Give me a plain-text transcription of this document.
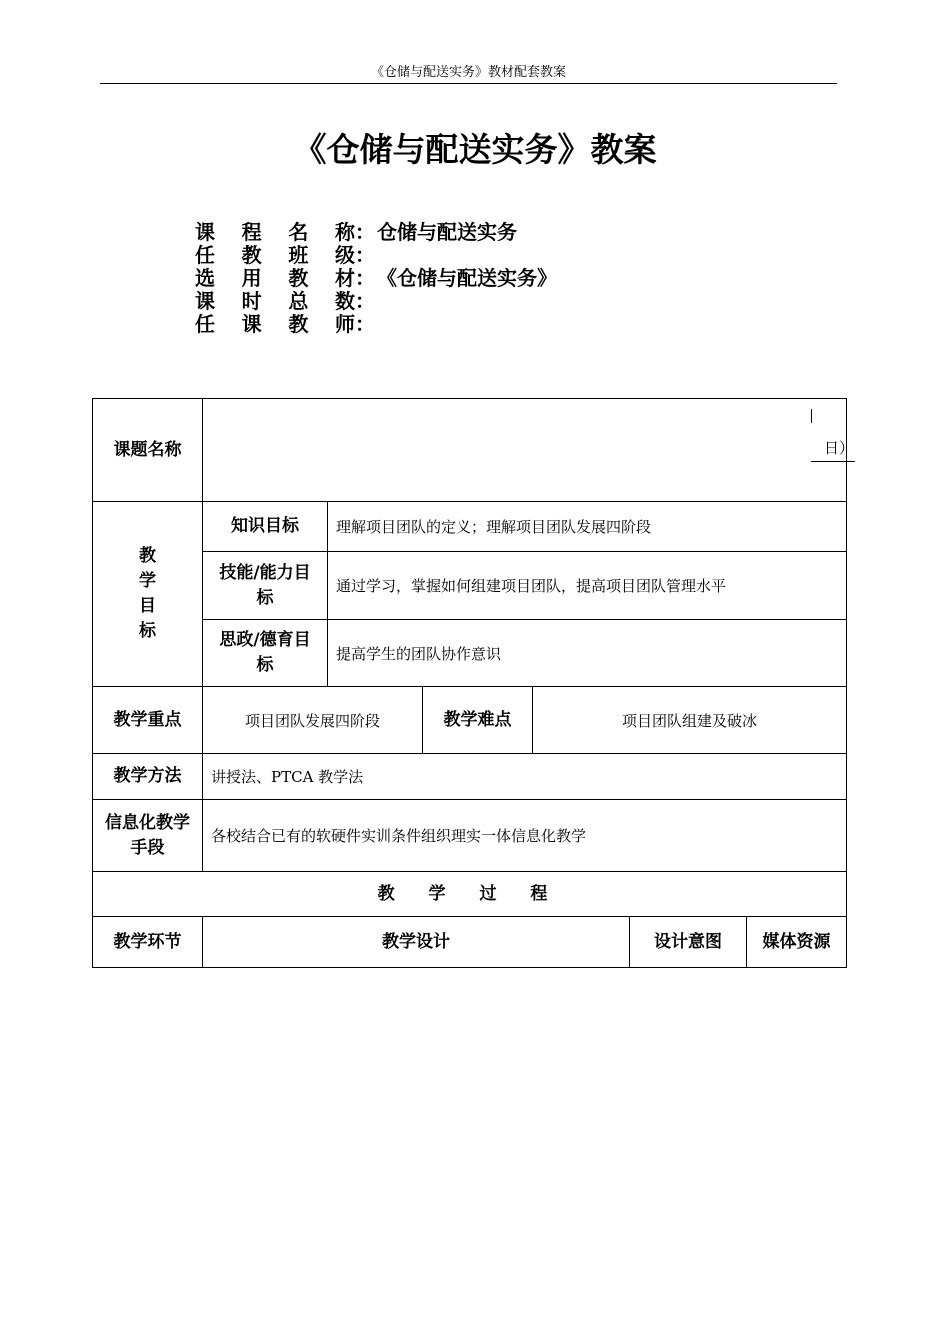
《仓储与配送实务》教材配套教案
《仓储与配送实务》教案
课 程 名 称 ： 仓储与配送实务
任 教 班 级 ：
选 用 教 材 ： 《仓储与配送实务》
课 时 总 数 ：
任 课 教 师 ：
课题名称	日）					

教
学
目
标	知识目标	理解项目团队的定义；理解项目团队发展四阶段				
	技能/能力目标	通过学习，掌握如何组建项目团队，提高项目团队管理水平				
	思政/德育目标	提高学生的团队协作意识				
教学重点	项目团队发展四阶段		教学难点	项目团队组建及破冰		
教学方法	讲授法、PTCA 教学法					
信息化教学手段	各校结合已有的软硬件实训条件组织理实一体信息化教学					
教 学 过 程						
教学环节	教学设计				设计意图	媒体资源
